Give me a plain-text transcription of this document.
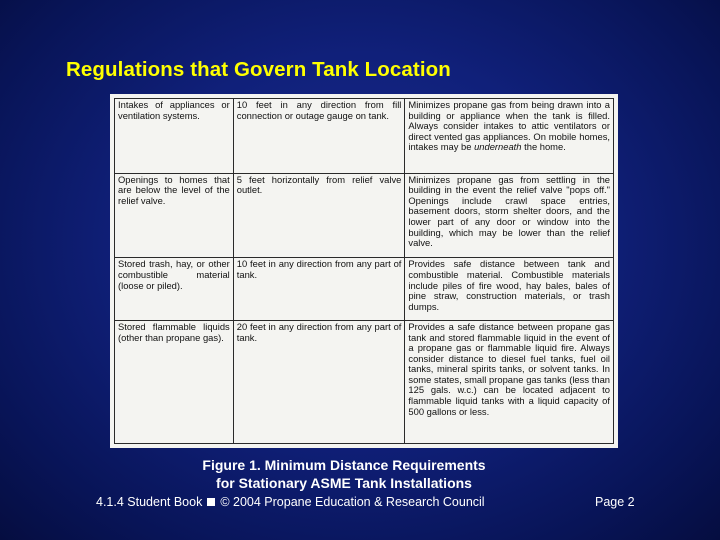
Regulations that Govern Tank Location
Intakes of appliances or ventilation systems.	10 feet in any direction from fill connection or outage gauge on tank.	Minimizes propane gas from being drawn into a building or appliance when the tank is filled. Always consider intakes to attic ventilators or direct vented gas appliances. On mobile homes, intakes may be underneath the home.
Openings to homes that are below the level of the relief valve.	5 feet horizontally from relief valve outlet.	Minimizes propane gas from settling in the building in the event the relief valve "pops off." Openings include crawl space entries, basement doors, storm shelter doors, and the lower part of any door or window into the building, which may be lower than the relief valve.
Stored trash, hay, or other combustible material (loose or piled).	10 feet in any direction from any part of tank.	Provides safe distance between tank and combustible material. Combustible materials include piles of fire wood, hay bales, bales of pine straw, construction materials, or trash dumps.
Stored flammable liquids (other than propane gas).	20 feet in any direction from any part of tank.	Provides a safe distance between propane gas tank and stored flammable liquid in the event of a propane gas or flammable liquid fire. Always consider distance to diesel fuel tanks, fuel oil tanks, mineral spirits tanks, or solvent tanks. In some states, small propane gas tanks (less than 125 gals. w.c.) can be located adjacent to flammable liquid tanks with a liquid capacity of 500 gallons or less.
Figure 1. Minimum Distance Requirements
for Stationary ASME Tank Installations
4.1.4 Student Book © 2004 Propane Education & Research Council	Page 2
